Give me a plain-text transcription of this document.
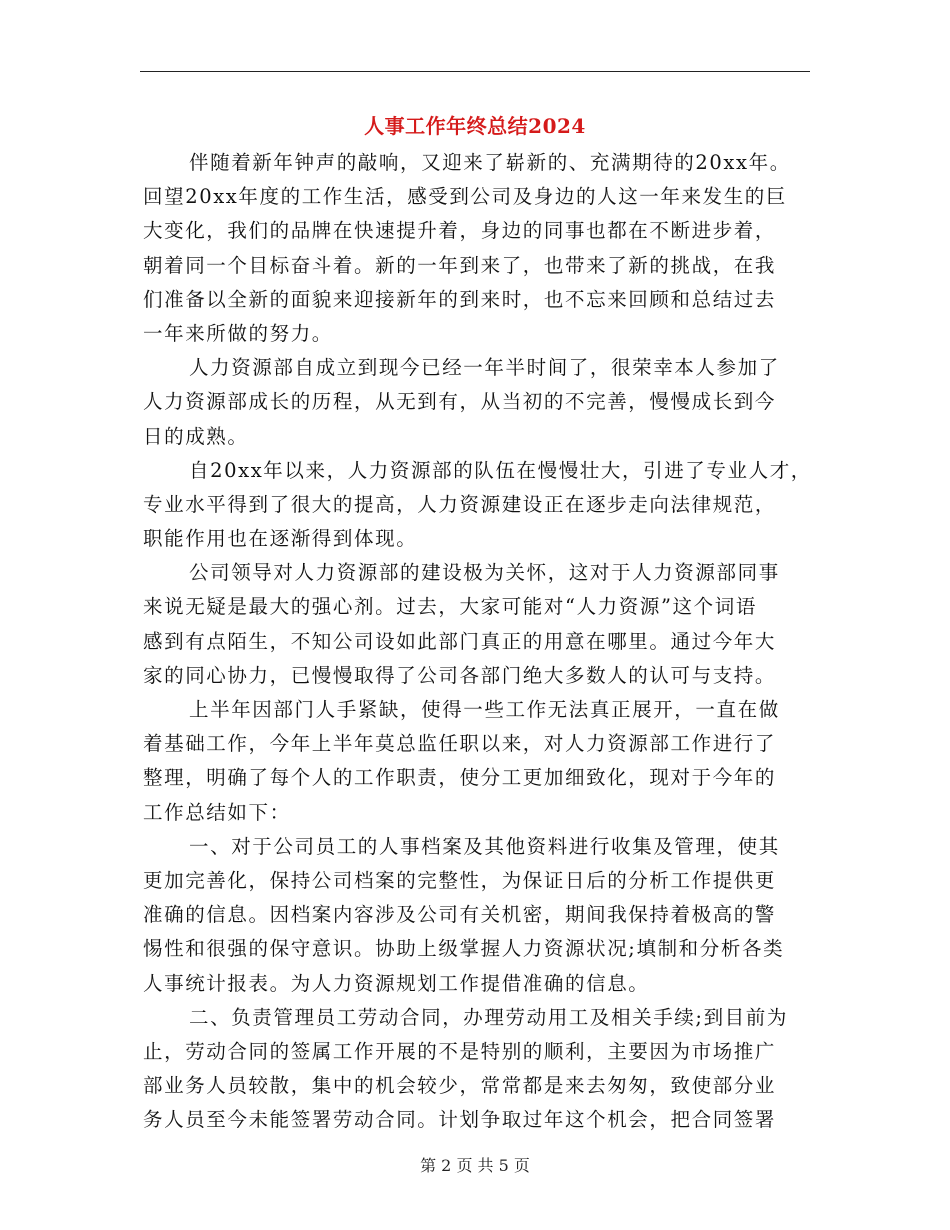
人事工作年终总结2024
伴随着新年钟声的敲响，又迎来了崭新的、充满期待的20xx年。
回望20xx年度的工作生活，感受到公司及身边的人这一年来发生的巨
大变化，我们的品牌在快速提升着，身边的同事也都在不断进步着，
朝着同一个目标奋斗着。新的一年到来了，也带来了新的挑战，在我
们准备以全新的面貌来迎接新年的到来时，也不忘来回顾和总结过去
一年来所做的努力。
人力资源部自成立到现今已经一年半时间了，很荣幸本人参加了
人力资源部成长的历程，从无到有，从当初的不完善，慢慢成长到今
日的成熟。
自20xx年以来，人力资源部的队伍在慢慢壮大，引进了专业人才，
专业水平得到了很大的提高，人力资源建设正在逐步走向法律规范，
职能作用也在逐渐得到体现。
公司领导对人力资源部的建设极为关怀，这对于人力资源部同事
来说无疑是最大的强心剂。过去，大家可能对“人力资源”这个词语
感到有点陌生，不知公司设如此部门真正的用意在哪里。通过今年大
家的同心协力，已慢慢取得了公司各部门绝大多数人的认可与支持。
上半年因部门人手紧缺，使得一些工作无法真正展开，一直在做
着基础工作，今年上半年莫总监任职以来，对人力资源部工作进行了
整理，明确了每个人的工作职责，使分工更加细致化，现对于今年的
工作总结如下：
一、对于公司员工的人事档案及其他资料进行收集及管理，使其
更加完善化，保持公司档案的完整性，为保证日后的分析工作提供更
准确的信息。因档案内容涉及公司有关机密，期间我保持着极高的警
惕性和很强的保守意识。协助上级掌握人力资源状况;填制和分析各类
人事统计报表。为人力资源规划工作提借准确的信息。
二、负责管理员工劳动合同，办理劳动用工及相关手续;到目前为
止，劳动合同的签属工作开展的不是特别的顺利，主要因为市场推广
部业务人员较散，集中的机会较少，常常都是来去匆匆，致使部分业
务人员至今未能签署劳动合同。计划争取过年这个机会，把合同签署
第 2 页 共 5 页
